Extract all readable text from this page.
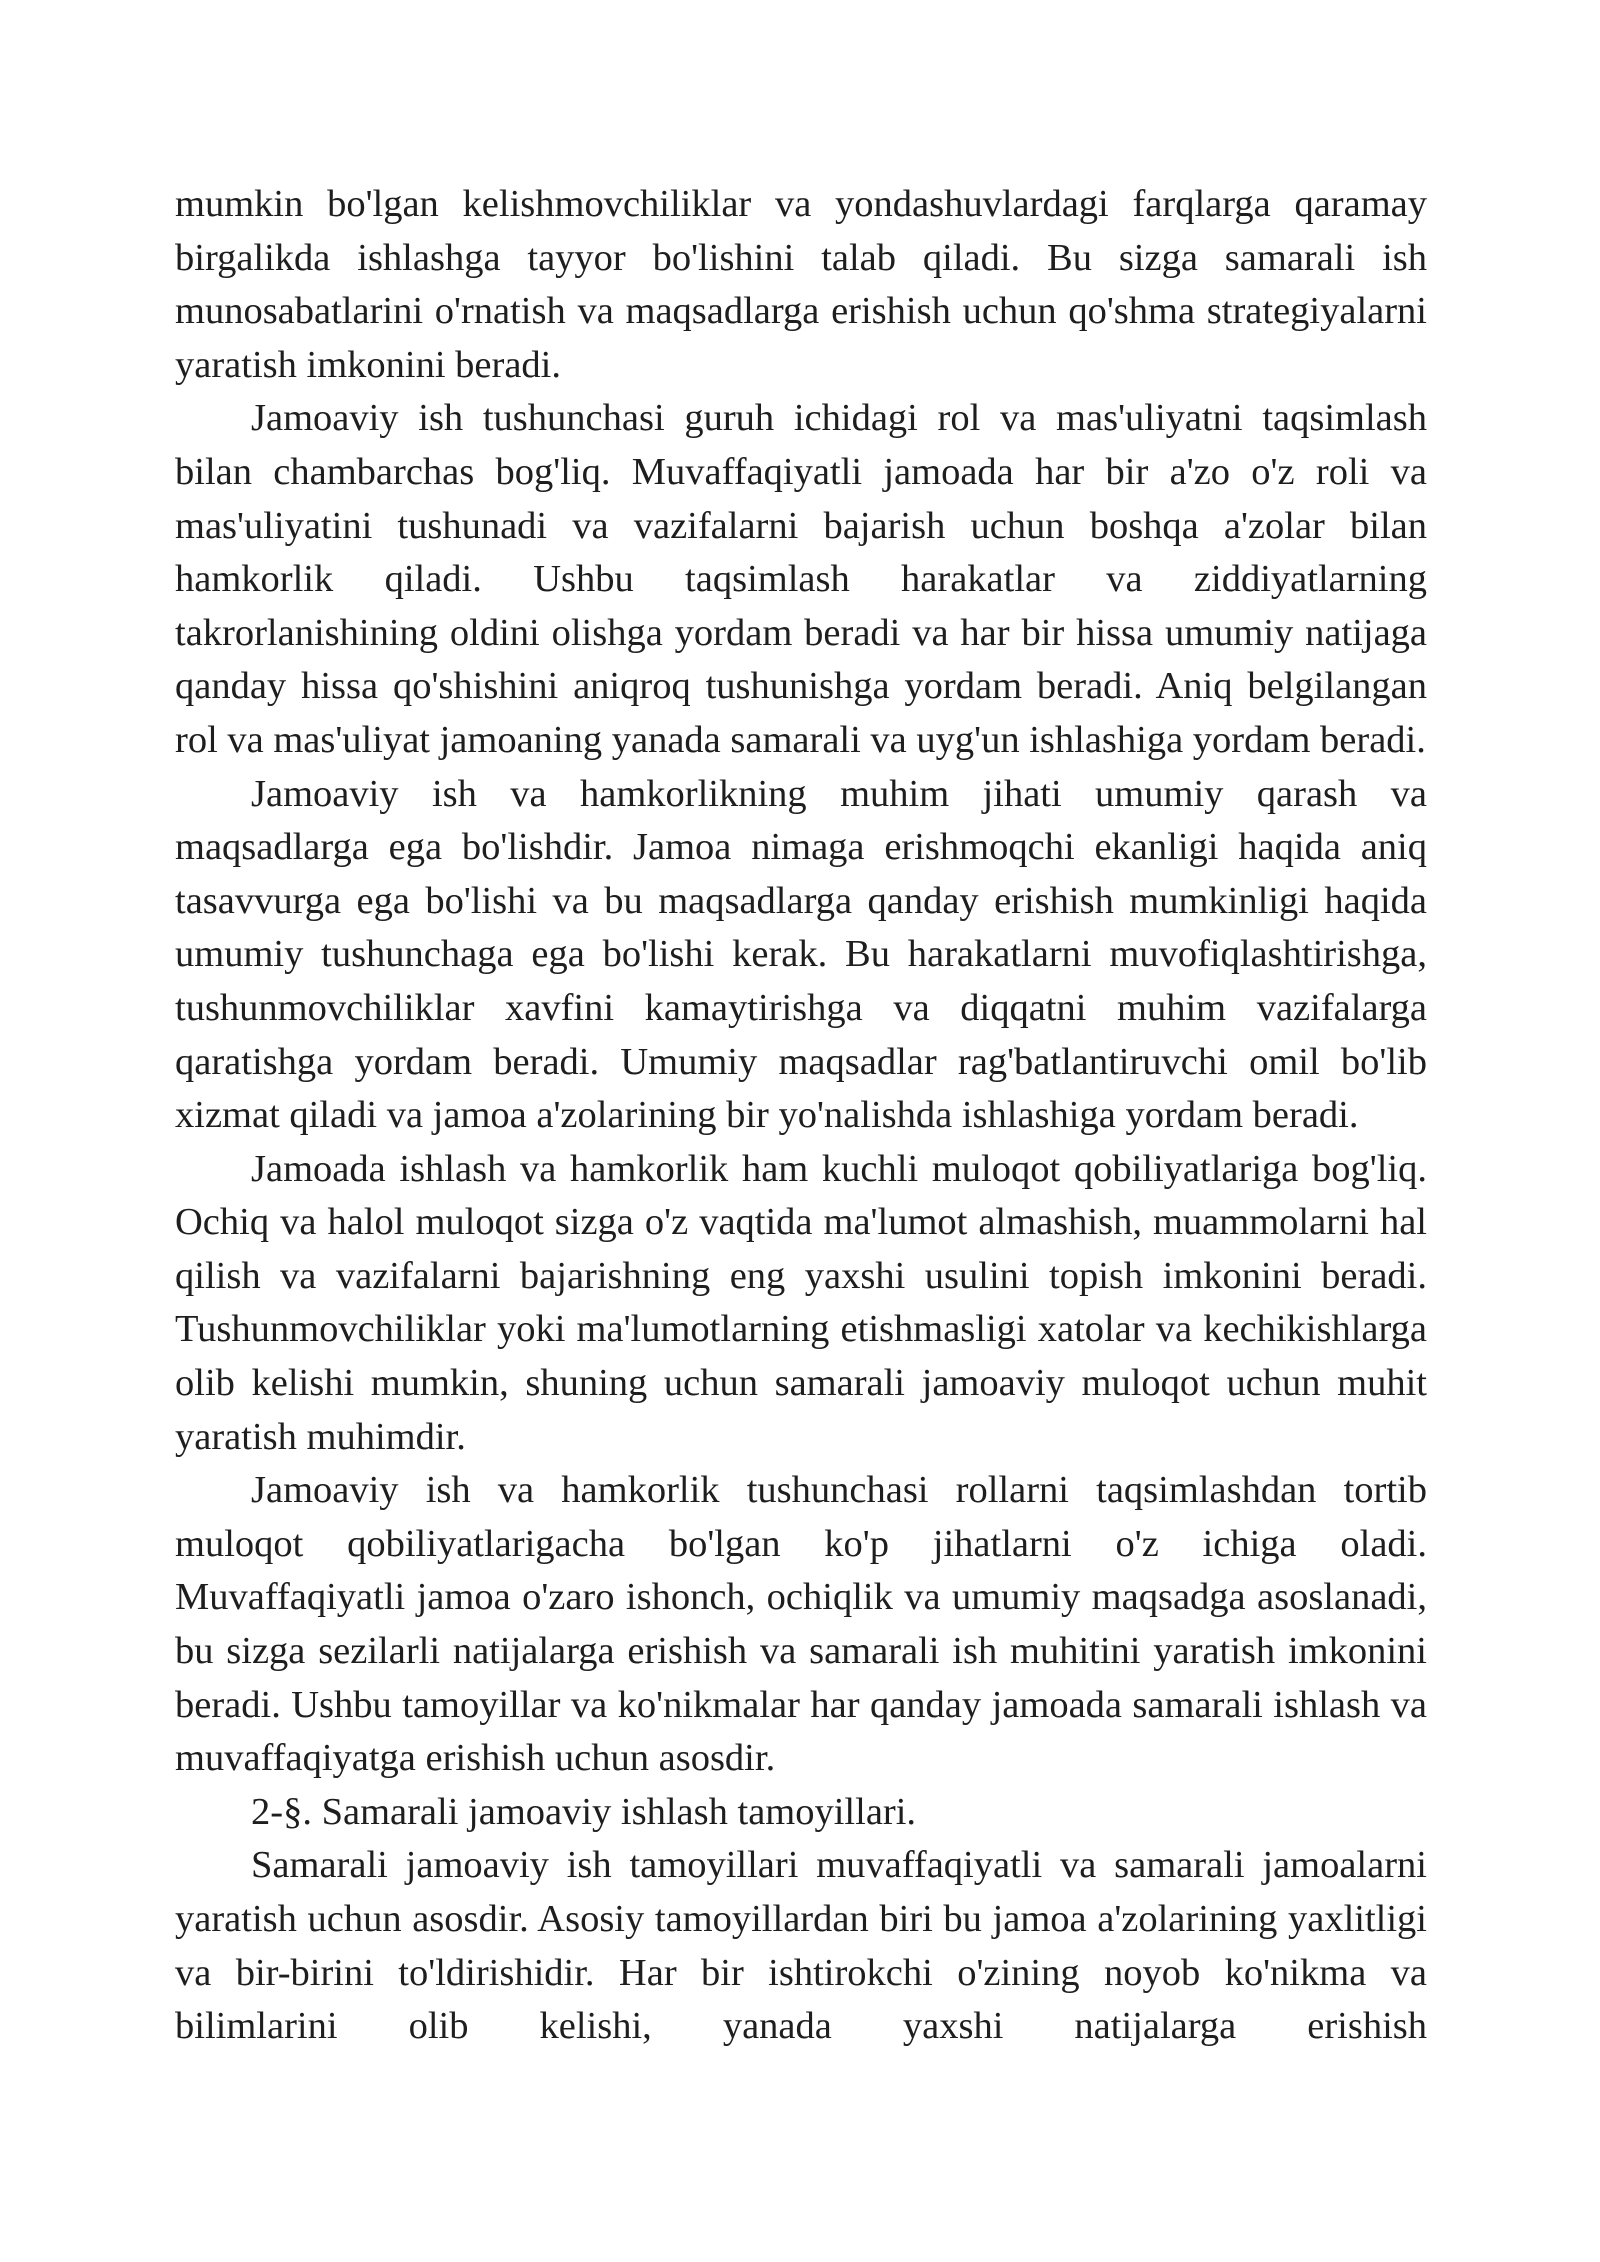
mumkin bo'lgan kelishmovchiliklar va yondashuvlardagi farqlarga qaramay birgalikda ishlashga tayyor bo'lishini talab qiladi. Bu sizga samarali ish munosabatlarini o'rnatish va maqsadlarga erishish uchun qo'shma strategiyalarni yaratish imkonini beradi.

Jamoaviy ish tushunchasi guruh ichidagi rol va mas'uliyatni taqsimlash bilan chambarchas bog'liq. Muvaffaqiyatli jamoada har bir a'zo o'z roli va mas'uliyatini tushunadi va vazifalarni bajarish uchun boshqa a'zolar bilan hamkorlik qiladi. Ushbu taqsimlash harakatlar va ziddiyatlarning takrorlanishining oldini olishga yordam beradi va har bir hissa umumiy natijaga qanday hissa qo'shishini aniqroq tushunishga yordam beradi. Aniq belgilangan rol va mas'uliyat jamoaning yanada samarali va uyg'un ishlashiga yordam beradi.

Jamoaviy ish va hamkorlikning muhim jihati umumiy qarash va maqsadlarga ega bo'lishdir. Jamoa nimaga erishmoqchi ekanligi haqida aniq tasavvurga ega bo'lishi va bu maqsadlarga qanday erishish mumkinligi haqida umumiy tushunchaga ega bo'lishi kerak. Bu harakatlarni muvofiqlashtirishga, tushunmovchiliklar xavfini kamaytirishga va diqqatni muhim vazifalarga qaratishga yordam beradi. Umumiy maqsadlar rag'batlantiruvchi omil bo'lib xizmat qiladi va jamoa a'zolarining bir yo'nalishda ishlashiga yordam beradi.

Jamoada ishlash va hamkorlik ham kuchli muloqot qobiliyatlariga bog'liq. Ochiq va halol muloqot sizga o'z vaqtida ma'lumot almashish, muammolarni hal qilish va vazifalarni bajarishning eng yaxshi usulini topish imkonini beradi. Tushunmovchiliklar yoki ma'lumotlarning etishmasligi xatolar va kechikishlarga olib kelishi mumkin, shuning uchun samarali jamoaviy muloqot uchun muhit yaratish muhimdir.

Jamoaviy ish va hamkorlik tushunchasi rollarni taqsimlashdan tortib muloqot qobiliyatlarigacha bo'lgan ko'p jihatlarni o'z ichiga oladi. Muvaffaqiyatli jamoa o'zaro ishonch, ochiqlik va umumiy maqsadga asoslanadi, bu sizga sezilarli natijalarga erishish va samarali ish muhitini yaratish imkonini beradi. Ushbu tamoyillar va ko'nikmalar har qanday jamoada samarali ishlash va muvaffaqiyatga erishish uchun asosdir.

2-§. Samarali jamoaviy ishlash tamoyillari.

Samarali jamoaviy ish tamoyillari muvaffaqiyatli va samarali jamoalarni yaratish uchun asosdir. Asosiy tamoyillardan biri bu jamoa a'zolarining yaxlitligi va bir-birini to'ldirishidir. Har bir ishtirokchi o'zining noyob ko'nikma va bilimlarini olib kelishi, yanada yaxshi natijalarga erishish
